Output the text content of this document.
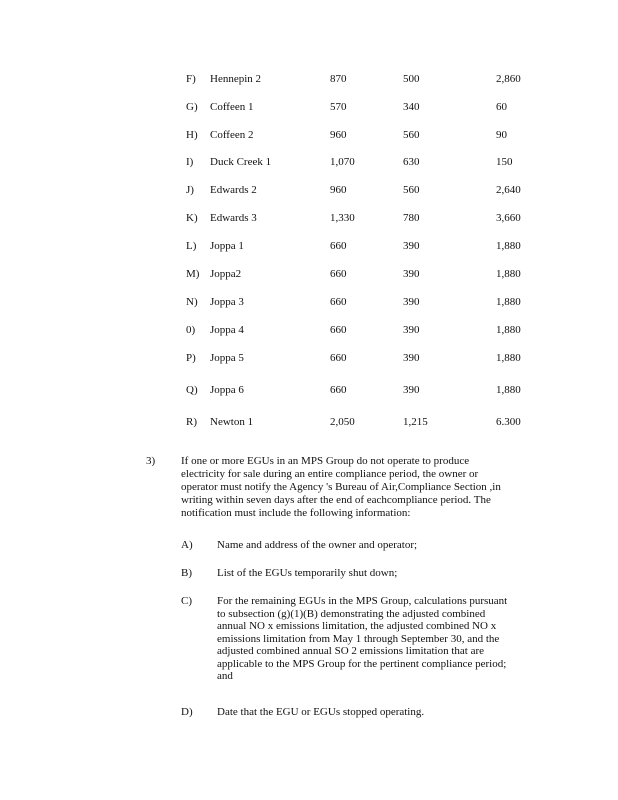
F) Hennepin 2	870	500	2,860
G) Coffeen 1	570	340	60
H) Coffeen 2	960	560	90
I) Duck Creek 1	1,070	630	150
J) Edwards 2	960	560	2,640
K) Edwards 3	1,330	780	3,660
L) Joppa 1	660	390	1,880
M) Joppa2	660	390	1,880
N) Joppa 3	660	390	1,880
0) Joppa 4	660	390	1,880
P) Joppa 5	660	390	1,880
Q) Joppa 6	660	390	1,880
R) Newton 1	2,050	1,215	6.300
3) If one or more EGUs in an MPS Group do not operate to produce

electricity for sale during an entire compliance period, the owner or

operator must notify the Agency 's Bureau of Air,Compliance Section ,in

writing within seven days after the end of eachcompliance period. The

notification must include the following information:

A) Name and address of the owner and operator;

B) List of the EGUs temporarily shut down;

C) For the remaining EGUs in the MPS Group, calculations pursuant

to subsection (g)(1)(B) demonstrating the adjusted combined

annual NO x emissions limitation, the adjusted combined NO x

emissions limitation from May 1 through September 30, and the

adjusted combined annual SO 2 emissions limitation that are

applicable to the MPS Group for the pertinent compliance period;

and

D) Date that the EGU or EGUs stopped operating.
